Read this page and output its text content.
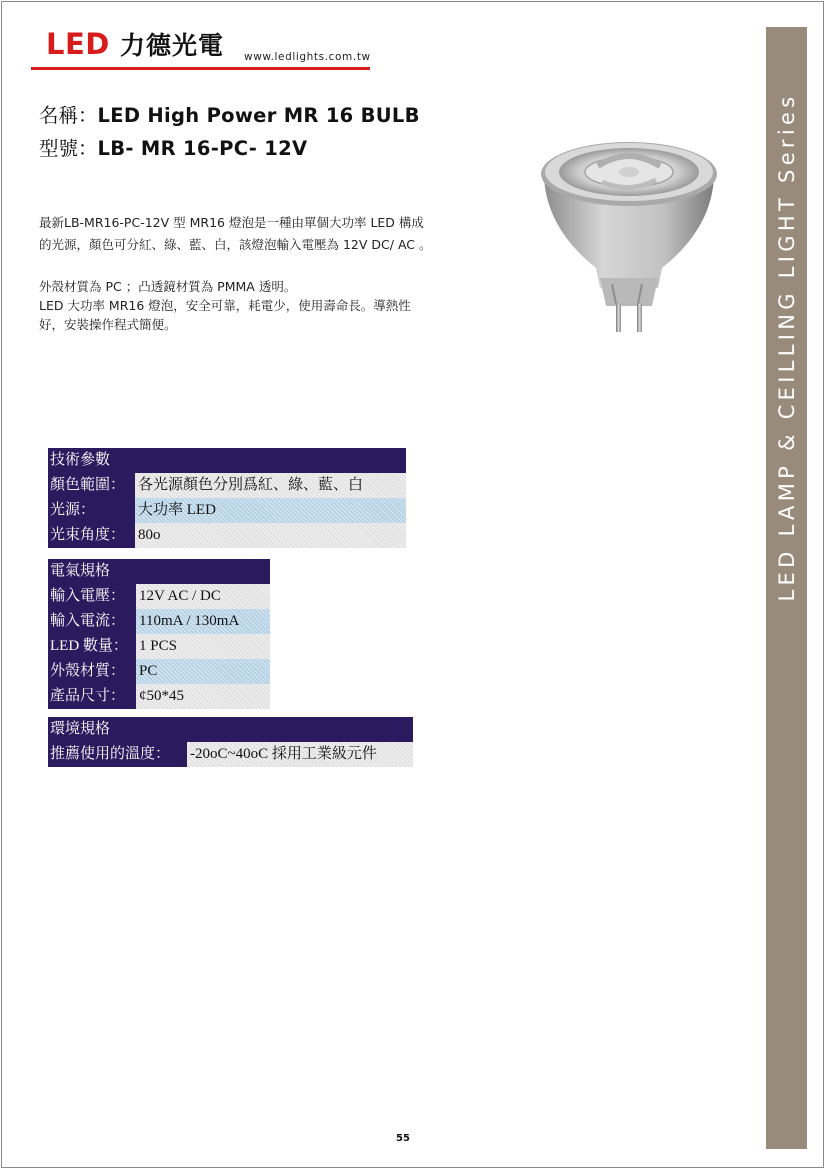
LED 力德光電 www.ledlights.com.tw
名稱：LED High Power MR 16 BULB
型號：LB- MR 16-PC- 12V

最新LB-MR16-PC-12V 型 MR16 燈泡是一種由單個大功率 LED 構成

的光源，顏色可分紅、綠、藍、白，該燈泡輸入電壓為 12V DC/ AC 。

外殼材質為 PC ；凸透鏡材質為 PMMA 透明。

LED 大功率 MR16 燈泡，安全可靠，耗電少，使用壽命長。導熱性

好，安裝操作程式簡便。

技術參數
顏色範圍： 各光源顏色分別爲紅、綠、藍、白
光源：	大功率 LED
光束角度： 80o
電氣規格
輸入電壓： 12V AC / DC
輸入電流： 110mA / 130mA
LED 數量： 1 PCS
外殼材質： PC
產品尺寸： ¢50*45
環境規格
推薦使用的溫度：	-20oC~40oC 採用工業級元件
LED LAMP & CEILLING LIGHT Series
55
